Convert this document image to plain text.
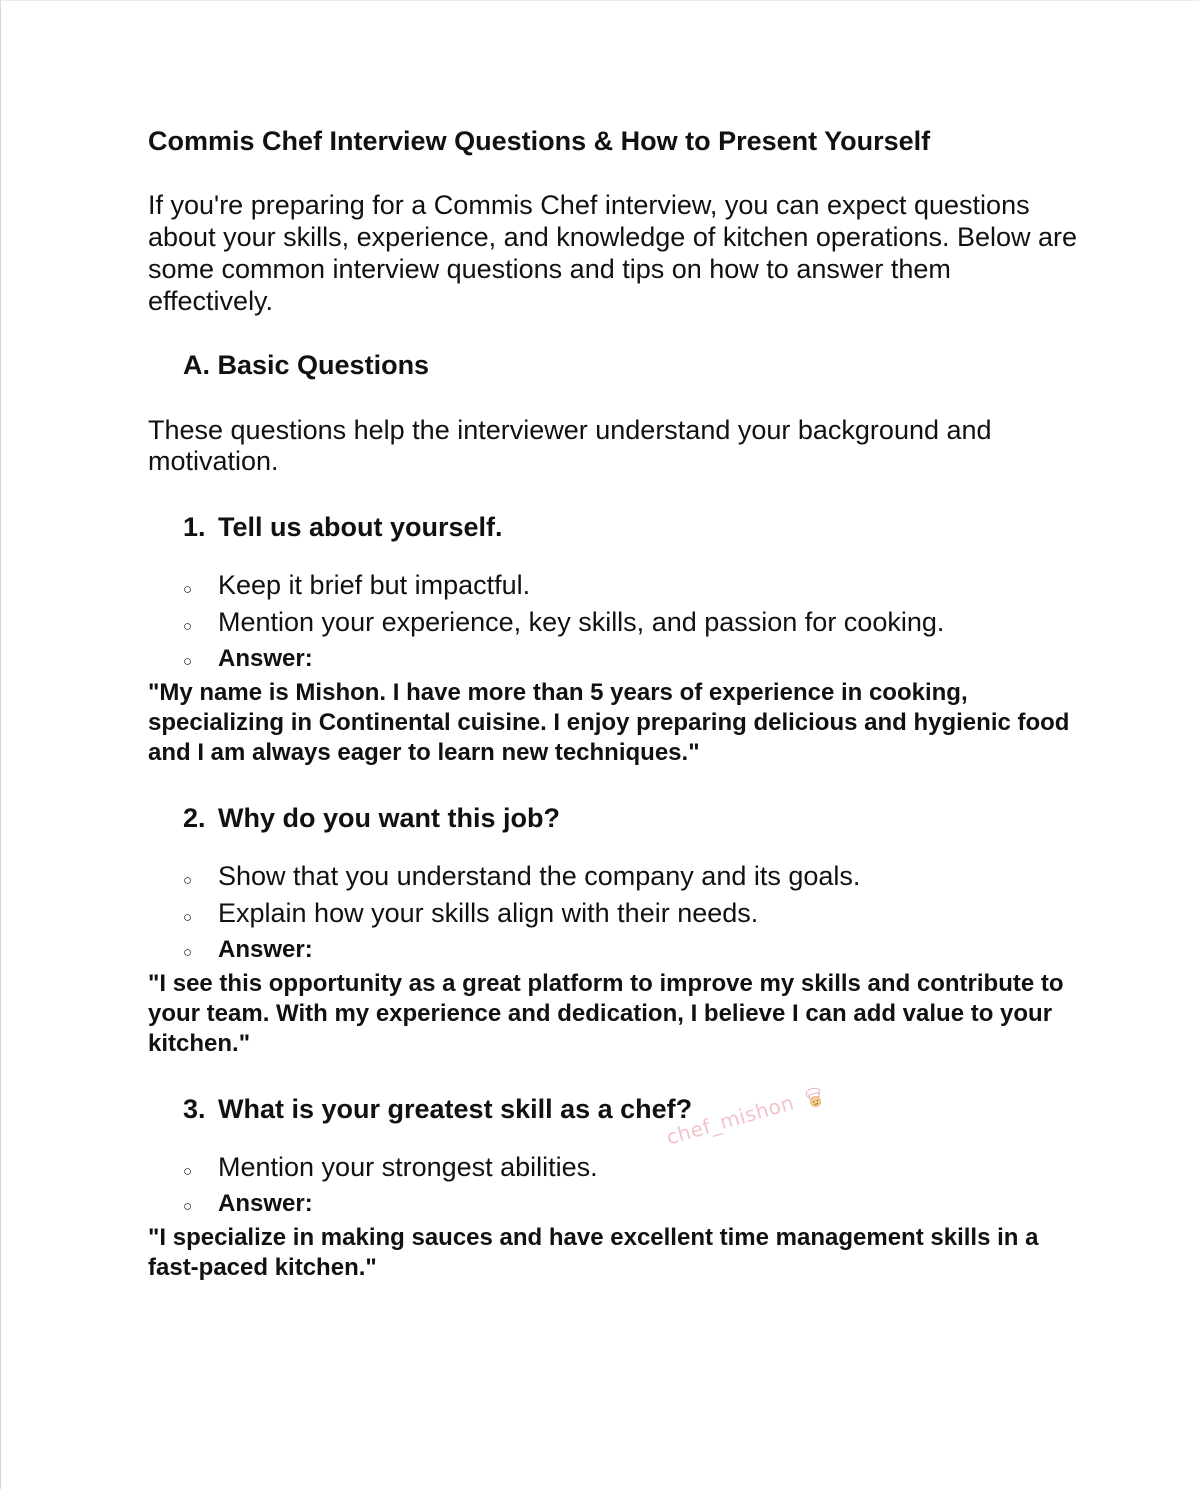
Commis Chef Interview Questions & How to Present Yourself

If you're preparing for a Commis Chef interview, you can expect questions about your skills, experience, and knowledge of kitchen operations. Below are some common interview questions and tips on how to answer them effectively.

A. Basic Questions

These questions help the interviewer understand your background and motivation.

1. Tell us about yourself.
○ Keep it brief but impactful.
○ Mention your experience, key skills, and passion for cooking.
○	Answer:

"My name is Mishon. I have more than 5 years of experience in cooking, specializing in Continental cuisine. I enjoy preparing delicious and hygienic food and I am always eager to learn new techniques."

2. Why do you want this job?
○ Show that you understand the company and its goals.
○ Explain how your skills align with their needs.
○	Answer:

"I see this opportunity as a great platform to improve my skills and contribute to your team. With my experience and dedication, I believe I can add value to your kitchen."

3. What is your greatest skill as a chef?
○ Mention your strongest abilities.
○	Answer:

"I specialize in making sauces and have excellent time management skills in a fast-paced kitchen."

chef_mishon
